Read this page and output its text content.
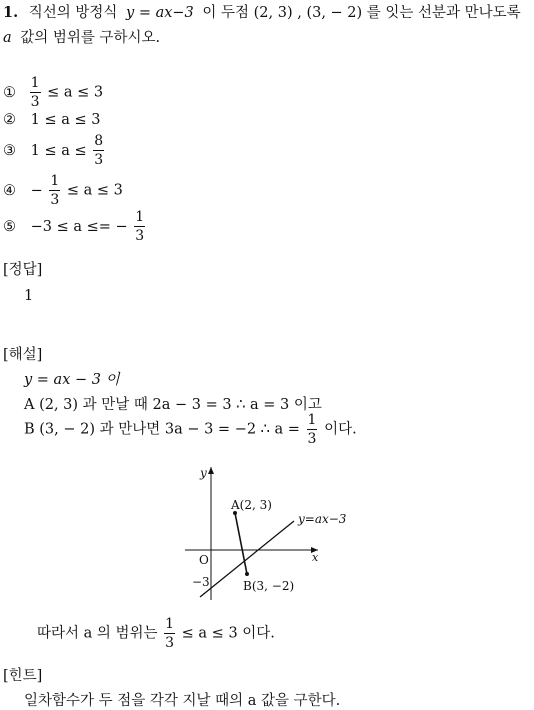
1. 직선의 방정식 y = ax−3 이 두점 (2, 3) , (3, − 2) 를 잇는 선분과 만나도록
a 값의 범위를 구하시오.
① $\frac{1}{3} \le a \le 3$
② 1 ≤ a ≤ 3
③ $1 \le a \le \frac{8}{3}$
④ − $\frac{1}{3} \le a \le 3$
⑤ −3 ≤ a ≤= − $\frac{1}{3}$
[정답]
1
[해설]
y = ax − 3 이
A (2, 3) 과 만날 때 2a − 3 = 3 ∴ a = 3 이고
B (3, − 2) 과 만나면 3a − 3 = −2 ∴ $a = \frac{1}{3}$ 이다.
y
x
O
−3
A(2, 3)
B(3, −2)
y=ax−3
따라서 a 의 범위는 $\frac{1}{3} \le a \le 3$ 이다.
[힌트]
일차함수가 두 점을 각각 지날 때의 a 값을 구한다.
